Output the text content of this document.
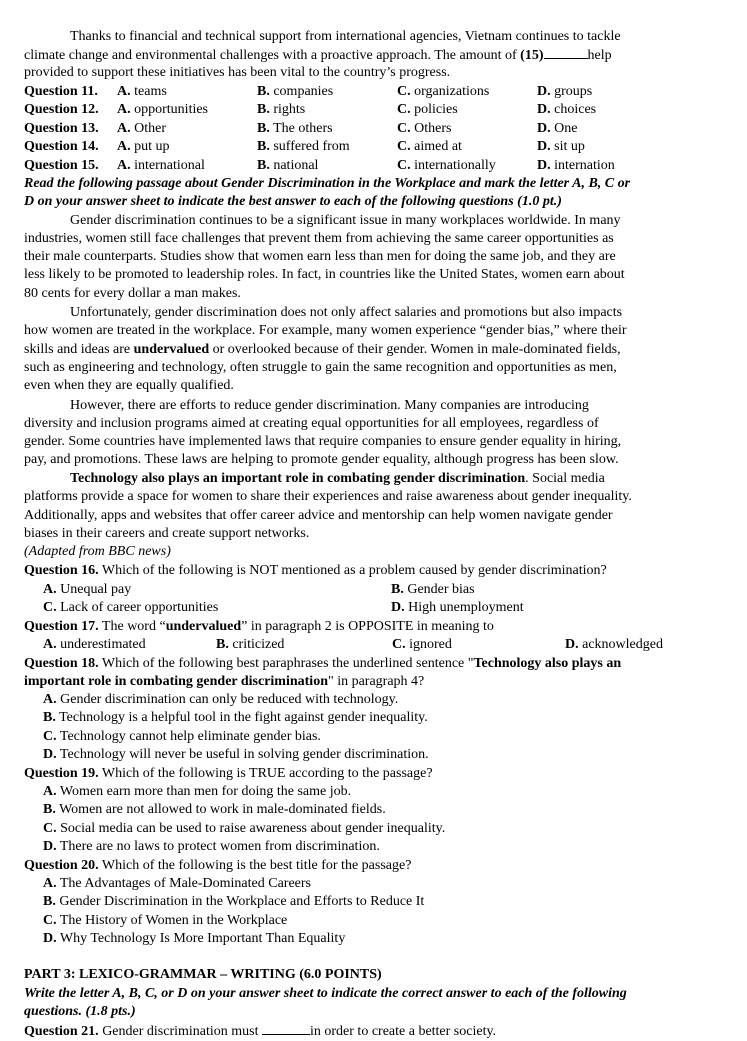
Thanks to financial and technical support from international agencies, Vietnam continues to tackle
climate change and environmental challenges with a proactive approach. The amount of (15)	help
provided to support these initiatives has been vital to the country’s progress.
Question 11. A. teams	B. companies	C. organizations	D. groups
Question 12. A. opportunities	B. rights	C. policies	D. choices
Question 13. A. Other	B. The others	C. Others	D. One
Question 14. A. put up	B. suffered from	C. aimed at	D. sit up
Question 15. A. international	B. national	C. internationally	D. internation
Read the following passage about Gender Discrimination in the Workplace and mark the letter A, B, C or
D on your answer sheet to indicate the best answer to each of the following questions (1.0 pt.)
Gender discrimination continues to be a significant issue in many workplaces worldwide. In many
industries, women still face challenges that prevent them from achieving the same career opportunities as
their male counterparts. Studies show that women earn less than men for doing the same job, and they are
less likely to be promoted to leadership roles. In fact, in countries like the United States, women earn about
80 cents for every dollar a man makes.
Unfortunately, gender discrimination does not only affect salaries and promotions but also impacts
how women are treated in the workplace. For example, many women experience “gender bias,” where their
skills and ideas are undervalued or overlooked because of their gender. Women in male-dominated fields,
such as engineering and technology, often struggle to gain the same recognition and opportunities as men,
even when they are equally qualified.
However, there are efforts to reduce gender discrimination. Many companies are introducing
diversity and inclusion programs aimed at creating equal opportunities for all employees, regardless of
gender. Some countries have implemented laws that require companies to ensure gender equality in hiring,
pay, and promotions. These laws are helping to promote gender equality, although progress has been slow.
Technology also plays an important role in combating gender discrimination. Social media
platforms provide a space for women to share their experiences and raise awareness about gender inequality.
Additionally, apps and websites that offer career advice and mentorship can help women navigate gender
biases in their careers and create support networks.
(Adapted from BBC news)
Question 16. Which of the following is NOT mentioned as a problem caused by gender discrimination?
A. Unequal pay	B. Gender bias
C. Lack of career opportunities	D. High unemployment
Question 17. The word “undervalued” in paragraph 2 is OPPOSITE in meaning to
A. underestimated	B. criticized	C. ignored	D. acknowledged
Question 18. Which of the following best paraphrases the underlined sentence "Technology also plays an
important role in combating gender discrimination" in paragraph 4?
A. Gender discrimination can only be reduced with technology.
B. Technology is a helpful tool in the fight against gender inequality.
C. Technology cannot help eliminate gender bias.
D. Technology will never be useful in solving gender discrimination.
Question 19. Which of the following is TRUE according to the passage?
A. Women earn more than men for doing the same job.
B. Women are not allowed to work in male-dominated fields.
C. Social media can be used to raise awareness about gender inequality.
D. There are no laws to protect women from discrimination.
Question 20. Which of the following is the best title for the passage?
A. The Advantages of Male-Dominated Careers
B. Gender Discrimination in the Workplace and Efforts to Reduce It
C. The History of Women in the Workplace
D. Why Technology Is More Important Than Equality
PART 3: LEXICO-GRAMMAR – WRITING (6.0 POINTS)
Write the letter A, B, C, or D on your answer sheet to indicate the correct answer to each of the following
questions. (1.8 pts.)
Question 21. Gender discrimination must	in order to create a better society.
